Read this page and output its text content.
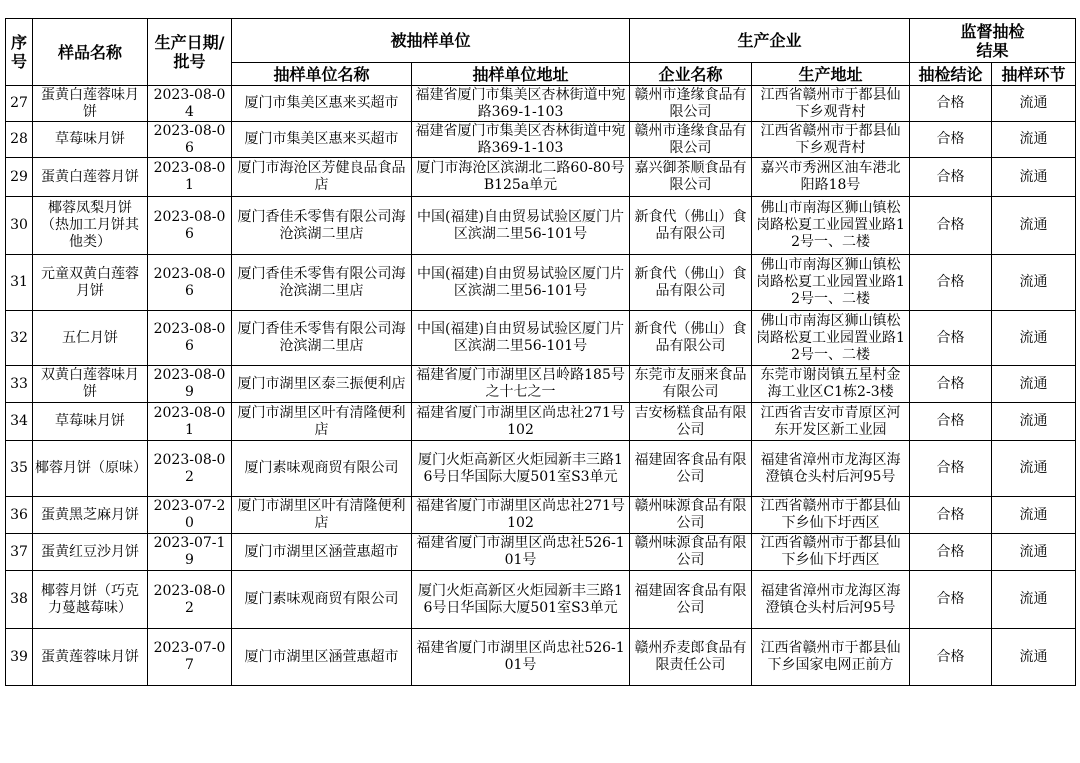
序号	样品名称	生产日期/批号	被抽样单位		生产企业		监督抽检结果	
			抽样单位名称	抽样单位地址	企业名称	生产地址	抽检结论	抽样环节
27	蛋黄白莲蓉味月饼	2023-08-04	厦门市集美区惠来买超市	福建省厦门市集美区杏林街道中宛路369-1-103	赣州市逢缘食品有限公司	江西省赣州市于都县仙下乡观背村	合格	流通
28	草莓味月饼	2023-08-06	厦门市集美区惠来买超市	福建省厦门市集美区杏林街道中宛路369-1-103	赣州市逢缘食品有限公司	江西省赣州市于都县仙下乡观背村	合格	流通
29	蛋黄白莲蓉月饼	2023-08-01	厦门市海沧区芳健良品食品店	厦门市海沧区滨湖北二路60-80号B125a单元	嘉兴御茶顺食品有限公司	嘉兴市秀洲区油车港北阳路18号	合格	流通
30	椰蓉凤梨月饼（热加工月饼其他类）	2023-08-06	厦门香佳禾零售有限公司海沧滨湖二里店	中国(福建)自由贸易试验区厦门片区滨湖二里56-101号	新食代（佛山）食品有限公司	佛山市南海区狮山镇松岗路松夏工业园置业路12号一、二楼	合格	流通
31	元童双黄白莲蓉月饼	2023-08-06	厦门香佳禾零售有限公司海沧滨湖二里店	中国(福建)自由贸易试验区厦门片区滨湖二里56-101号	新食代（佛山）食品有限公司	佛山市南海区狮山镇松岗路松夏工业园置业路12号一、二楼	合格	流通
32	五仁月饼	2023-08-06	厦门香佳禾零售有限公司海沧滨湖二里店	中国(福建)自由贸易试验区厦门片区滨湖二里56-101号	新食代（佛山）食品有限公司	佛山市南海区狮山镇松岗路松夏工业园置业路12号一、二楼	合格	流通
33	双黄白莲蓉味月饼	2023-08-09	厦门市湖里区泰三振便利店	福建省厦门市湖里区吕岭路185号之十七之一	东莞市友丽来食品有限公司	东莞市谢岗镇五星村金海工业区C1栋2-3楼	合格	流通
34	草莓味月饼	2023-08-01	厦门市湖里区叶有清隆便利店	福建省厦门市湖里区尚忠社271号102	吉安杨糕食品有限公司	江西省吉安市青原区河东开发区新工业园	合格	流通
35	椰蓉月饼（原味）	2023-08-02	厦门素味观商贸有限公司	厦门火炬高新区火炬园新丰三路16号日华国际大厦501室S3单元	福建固客食品有限公司	福建省漳州市龙海区海澄镇仓头村后河95号	合格	流通
36	蛋黄黑芝麻月饼	2023-07-20	厦门市湖里区叶有清隆便利店	福建省厦门市湖里区尚忠社271号102	赣州味源食品有限公司	江西省赣州市于都县仙下乡仙下圩西区	合格	流通
37	蛋黄红豆沙月饼	2023-07-19	厦门市湖里区涵萱惠超市	福建省厦门市湖里区尚忠社526-101号	赣州味源食品有限公司	江西省赣州市于都县仙下乡仙下圩西区	合格	流通
38	椰蓉月饼（巧克力蔓越莓味）	2023-08-02	厦门素味观商贸有限公司	厦门火炬高新区火炬园新丰三路16号日华国际大厦501室S3单元	福建固客食品有限公司	福建省漳州市龙海区海澄镇仓头村后河95号	合格	流通
39	蛋黄莲蓉味月饼	2023-07-07	厦门市湖里区涵萱惠超市	福建省厦门市湖里区尚忠社526-101号	赣州乔麦郎食品有限责任公司	江西省赣州市于都县仙下乡国家电网正前方	合格	流通
